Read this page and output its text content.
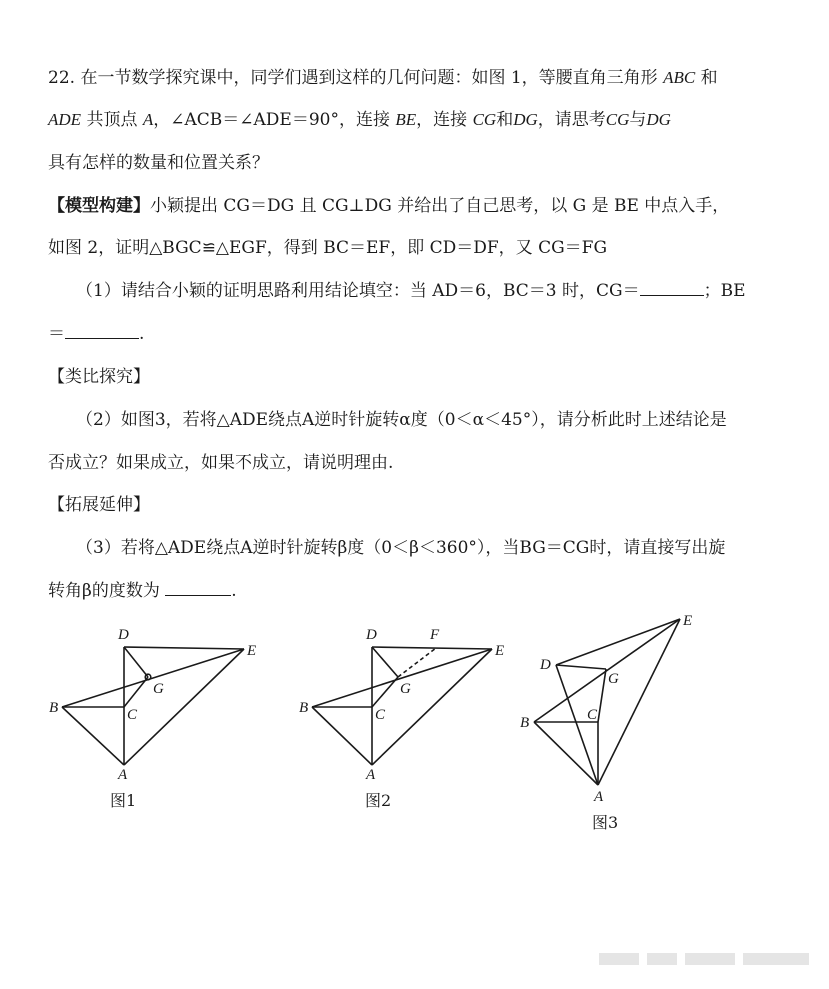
22. 在一节数学探究课中，同学们遇到这样的几何问题：如图 1，等腰直角三角形 ABC 和
ADE 共顶点 A，∠ACB＝∠ADE＝90°，连接 BE，连接 CG和DG，请思考CG与DG
具有怎样的数量和位置关系？
【模型构建】小颖提出 CG＝DG 且 CG⊥DG 并给出了自己思考，以 G 是 BE 中点入手，
如图 2，证明△BGC≌△EGF，得到 BC＝EF，即 CD＝DF，又 CG＝FG
（1）请结合小颖的证明思路利用结论填空：当 AD＝6，BC＝3 时，CG＝	；BE
＝	.
【类比探究】
（2）如图3，若将△ADE绕点A逆时针旋转α度（0＜α＜45°），请分析此时上述结论是
否成立？如果成立，如果不成立，请说明理由.
【拓展延伸】
（3）若将△ADE绕点A逆时针旋转β度（0＜β＜360°），当BG＝CG时，请直接写出旋
转角β的度数为	.
D
E
G
B	C
A
图1
D	F
E
G
B	C
A
图2
E
D
G
B	C
A
图3
